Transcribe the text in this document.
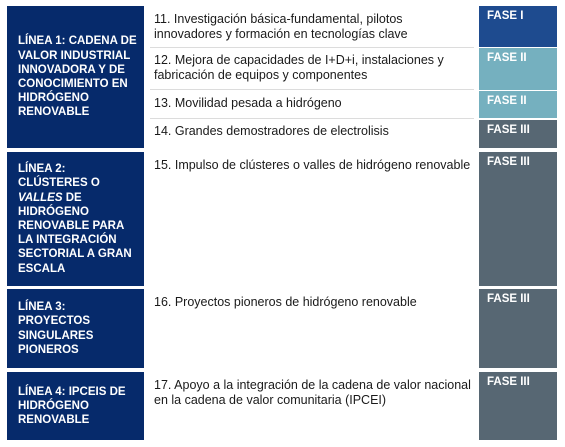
LÍNEA 1: CADENA DE VALOR INDUSTRIAL INNOVADORA Y DE CONOCIMIENTO EN HIDRÓGENO RENOVABLE
LÍNEA 2: CLÚSTERES O VALLES DE HIDRÓGENO RENOVABLE PARA LA INTEGRACIÓN SECTORIAL A GRAN ESCALA
LÍNEA 3: PROYECTOS SINGULARES PIONEROS
LÍNEA 4: IPCEIS DE HIDRÓGENO RENOVABLE
11. Investigación básica-fundamental, pilotos innovadores y formación en tecnologías clave
12. Mejora de capacidades de I+D+i, instalaciones y fabricación de equipos y componentes
13. Movilidad pesada a hidrógeno
14. Grandes demostradores de electrolisis
15. Impulso de clústeres o valles de hidrógeno renovable
16. Proyectos pioneros de hidrógeno renovable
17. Apoyo a la integración de la cadena de valor nacional en la cadena de valor comunitaria (IPCEI)
FASE I
FASE II
FASE II
FASE III
FASE III
FASE III
FASE III
